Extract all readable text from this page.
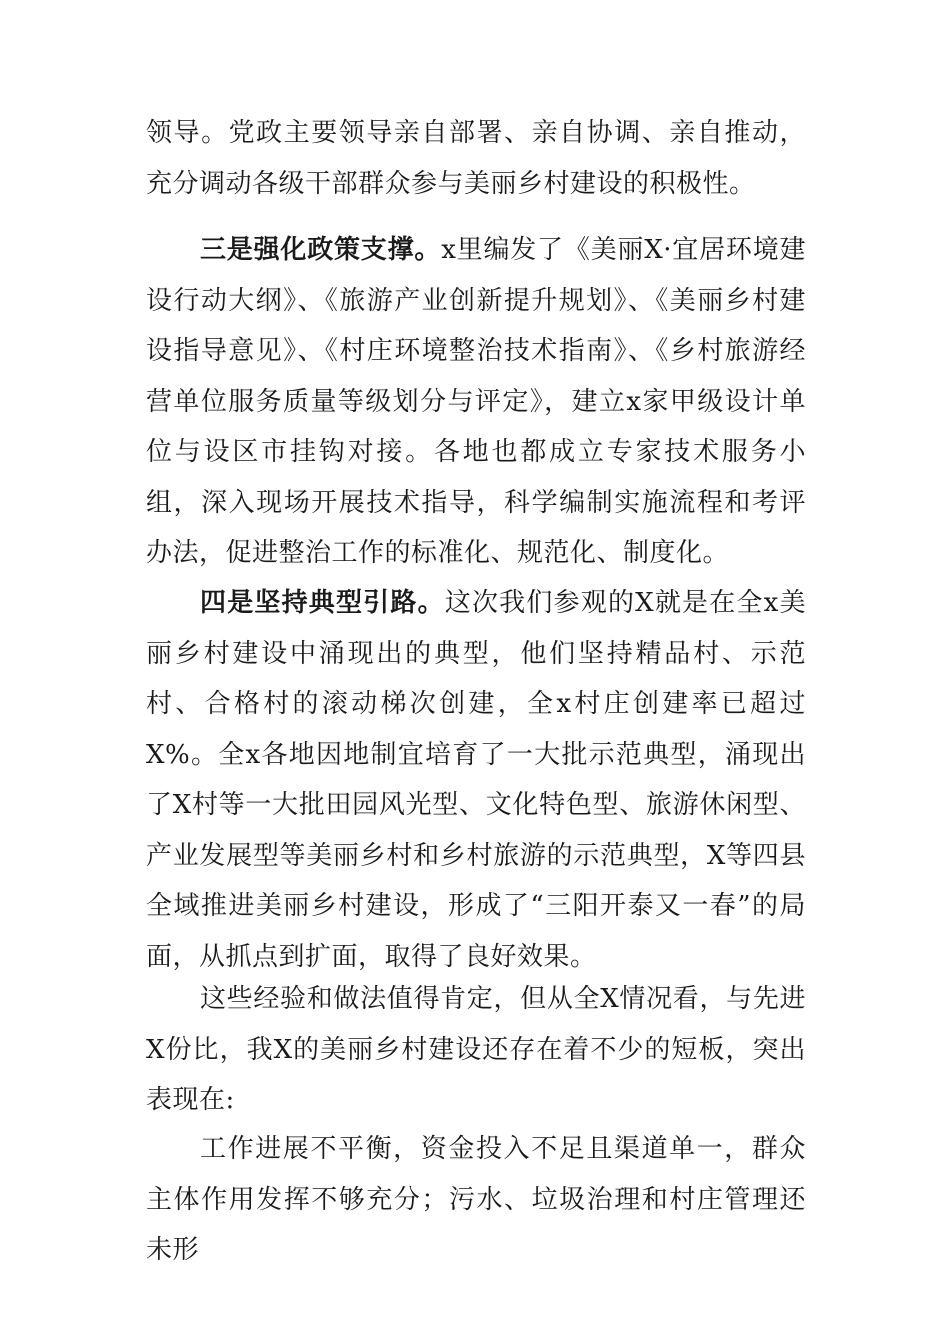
领导。党政主要领导亲自部署、亲自协调、亲自推动，充分调动各级干部群众参与美丽乡村建设的积极性。

三是强化政策支撑。x里编发了《美丽X·宜居环境建设行动大纲》、《旅游产业创新提升规划》、《美丽乡村建设指导意见》、《村庄环境整治技术指南》、《乡村旅游经营单位服务质量等级划分与评定》，建立x家甲级设计单位与设区市挂钩对接。各地也都成立专家技术服务小组，深入现场开展技术指导，科学编制实施流程和考评办法，促进整治工作的标准化、规范化、制度化。

四是坚持典型引路。这次我们参观的X就是在全x美丽乡村建设中涌现出的典型，他们坚持精品村、示范村、合格村的滚动梯次创建，全x村庄创建率已超过X%。全x各地因地制宜培育了一大批示范典型，涌现出了X村等一大批田园风光型、文化特色型、旅游休闲型、产业发展型等美丽乡村和乡村旅游的示范典型，X等四县全域推进美丽乡村建设，形成了“三阳开泰又一春”的局面，从抓点到扩面，取得了良好效果。

这些经验和做法值得肯定，但从全X情况看，与先进X份比，我X的美丽乡村建设还存在着不少的短板，突出表现在:

工作进展不平衡，资金投入不足且渠道单一，群众主体作用发挥不够充分；污水、垃圾治理和村庄管理还未形
